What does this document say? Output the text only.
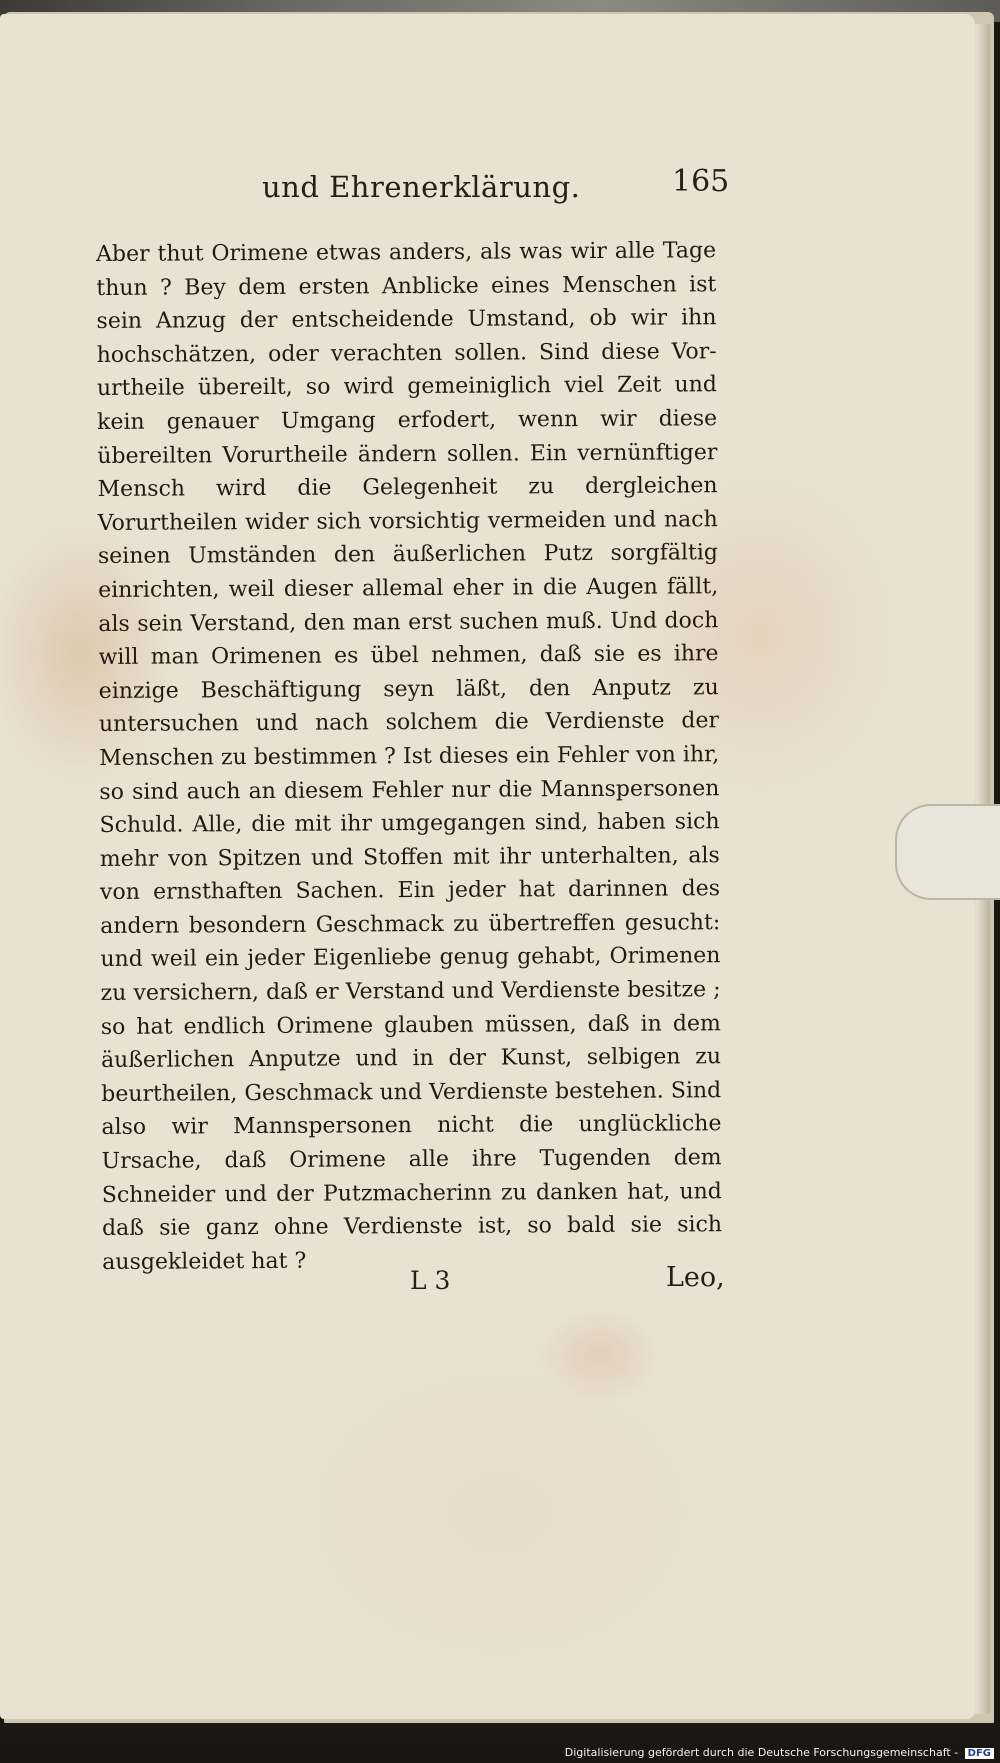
und Ehrenerklärung.	165

Aber thut Orimene etwas anders, als was wir alle Tage thun ? Bey dem ersten Anblicke eines Menschen ist sein Anzug der entscheidende Umstand, ob wir ihn hochschätzen, oder verachten sollen. Sind diese Vorurtheile übereilt, so wird gemeiniglich viel Zeit und kein genauer Umgang erfodert, wenn wir diese übereilten Vorurtheile ändern sollen. Ein vernünftiger Mensch wird die Gelegenheit zu dergleichen Vorurtheilen wider sich vorsichtig vermeiden und nach seinen Umständen den äußerlichen Putz sorgfältig einrichten, weil dieser allemal eher in die Augen fällt, als sein Verstand, den man erst suchen muß. Und doch will man Orimenen es übel nehmen, daß sie es ihre einzige Beschäftigung seyn läßt, den Anputz zu untersuchen und nach solchem die Verdienste der Menschen zu bestimmen ? Ist dieses ein Fehler von ihr, so sind auch an diesem Fehler nur die Mannspersonen Schuld. Alle, die mit ihr umgegangen sind, haben sich mehr von Spitzen und Stoffen mit ihr unterhalten, als von ernsthaften Sachen. Ein jeder hat darinnen des andern besondern Geschmack zu übertreffen gesucht: und weil ein jeder Eigenliebe genug gehabt, Orimenen zu versichern, daß er Verstand und Verdienste besitze ; so hat endlich Orimene glauben müssen, daß in dem äußerlichen Anputze und in der Kunst, selbigen zu beurtheilen, Geschmack und Verdienste bestehen. Sind also wir Mannspersonen nicht die unglückliche Ursache, daß Orimene alle ihre Tugenden dem Schneider und der Putzmacherinn zu danken hat, und daß sie ganz ohne Verdienste ist, so bald sie sich ausgekleidet hat ?

L 3	Leo,
Digitalisierung gefördert durch die Deutsche Forschungsgemeinschaft - DFG
